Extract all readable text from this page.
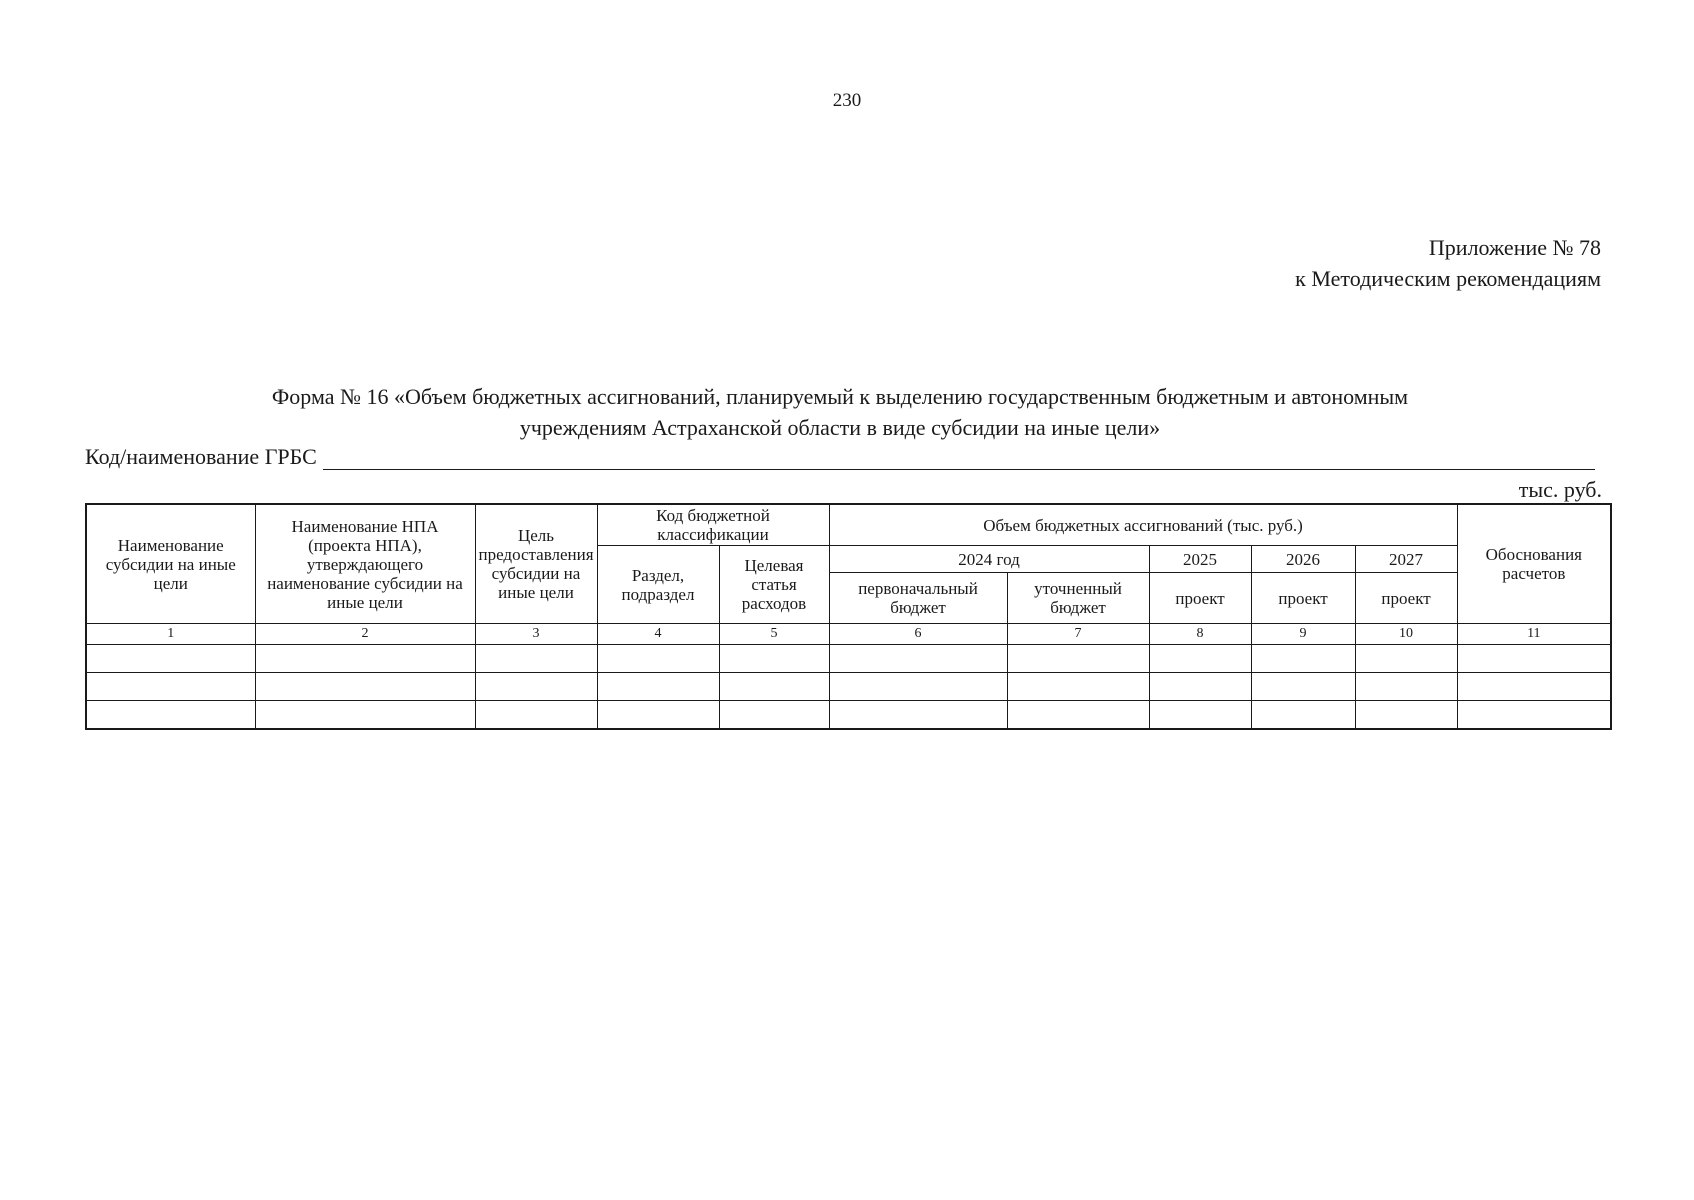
230
Приложение № 78
к Методическим рекомендациям
Форма № 16 «Объем бюджетных ассигнований, планируемый к выделению государственным бюджетным и автономным
учреждениям Астраханской области в виде субсидии на иные цели»
Код/наименование ГРБС
тыс. руб.
Наименование субсидии на иные цели	Наименование НПА (проекта НПА), утверждающего наименование субсидии на иные цели	Цель предоставления субсидии на иные цели	Код бюджетной классификации		Объем бюджетных ассигнований (тыс. руб.)					Обоснования расчетов
			Раздел, подраздел	Целевая статья расходов	2024 год		2025	2026	2027	
					первоначальный бюджет	уточненный бюджет	проект	проект	проект	
1	2	3	4	5	6	7	8	9	10	11
